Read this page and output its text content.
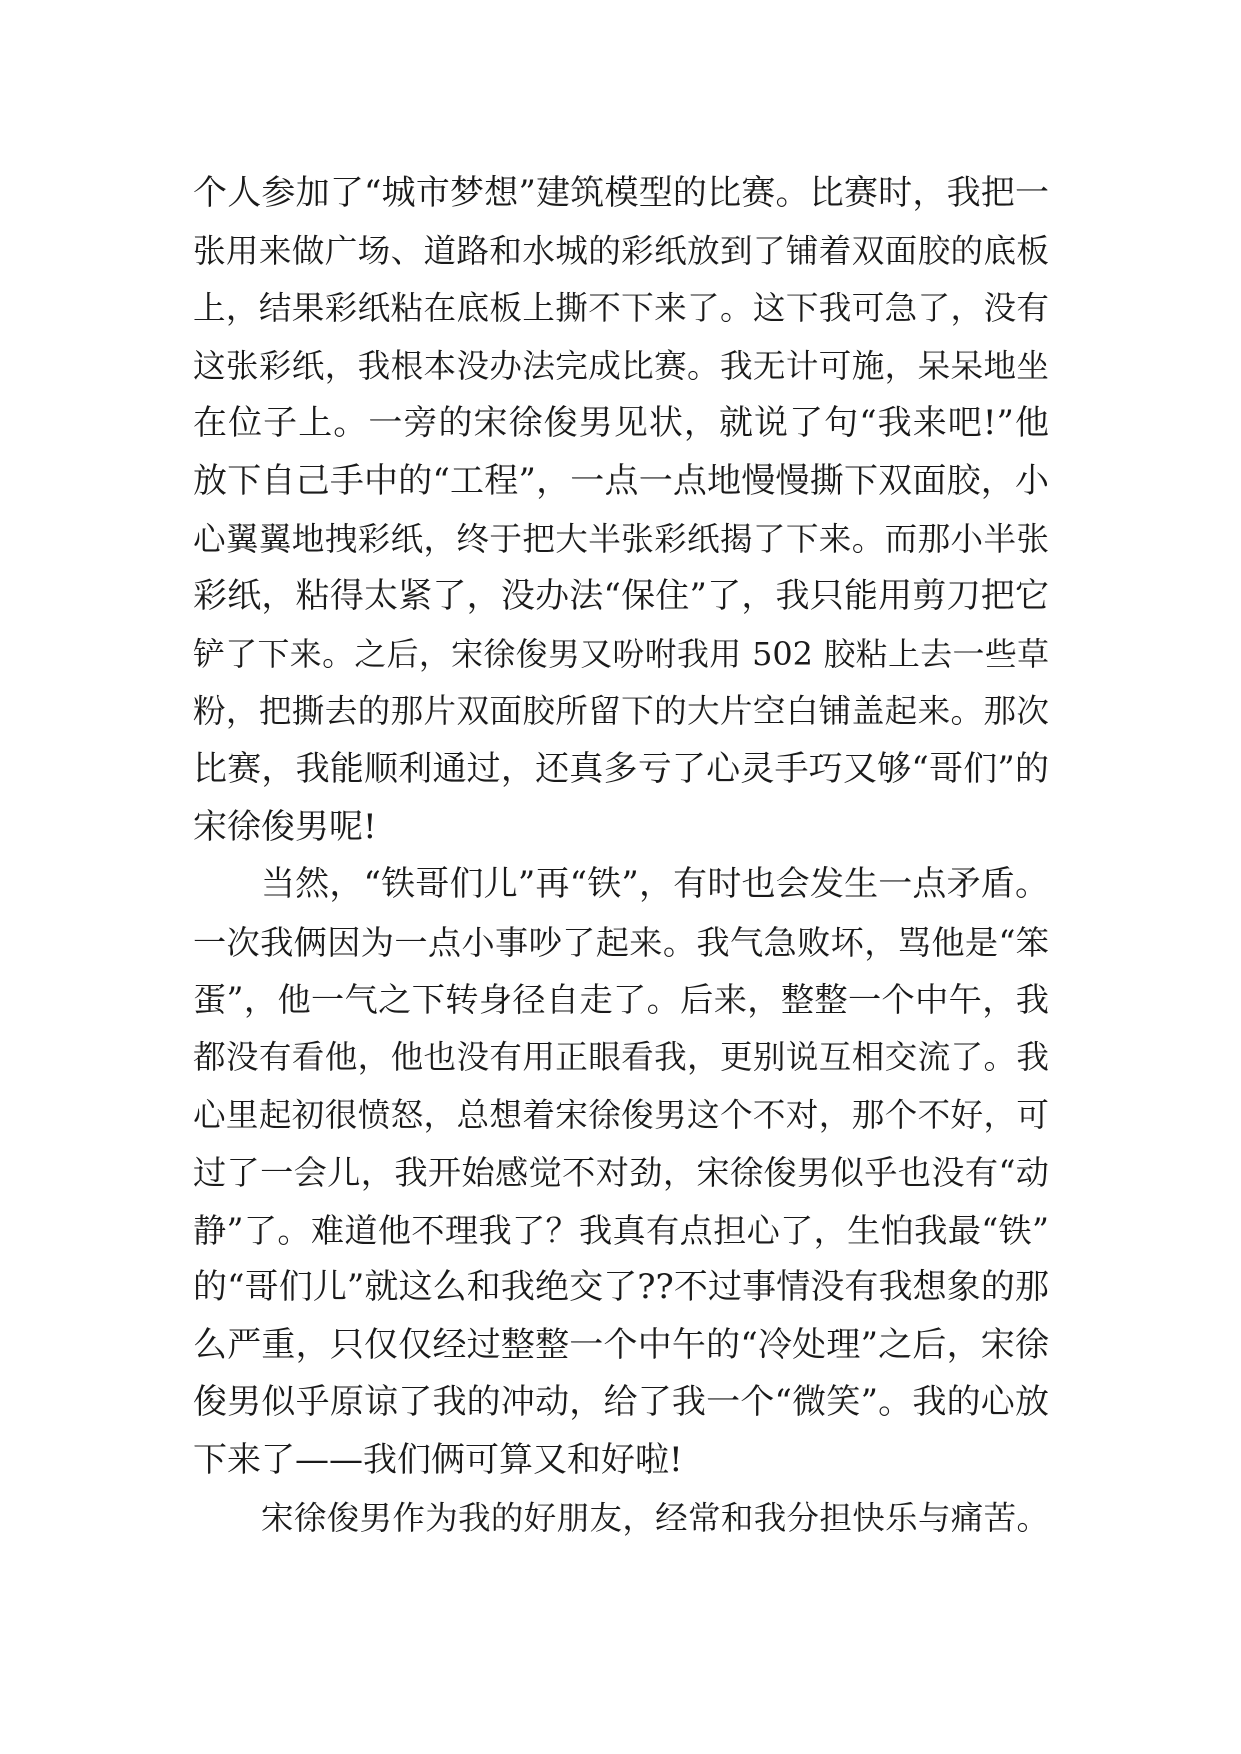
个人参加了“城市梦想”建筑模型的比赛。比赛时，我把一
张用来做广场、道路和水城的彩纸放到了铺着双面胶的底板
上，结果彩纸粘在底板上撕不下来了。这下我可急了，没有
这张彩纸，我根本没办法完成比赛。我无计可施，呆呆地坐
在位子上。一旁的宋徐俊男见状，就说了句“我来吧!”他
放下自己手中的“工程”，一点一点地慢慢撕下双面胶，小
心翼翼地拽彩纸，终于把大半张彩纸揭了下来。而那小半张
彩纸，粘得太紧了，没办法“保住”了，我只能用剪刀把它
铲了下来。之后，宋徐俊男又吩咐我用 502 胶粘上去一些草
粉，把撕去的那片双面胶所留下的大片空白铺盖起来。那次
比赛，我能顺利通过，还真多亏了心灵手巧又够“哥们”的
宋徐俊男呢!
当然，“铁哥们儿”再“铁”，有时也会发生一点矛盾。
一次我俩因为一点小事吵了起来。我气急败坏，骂他是“笨
蛋”，他一气之下转身径自走了。后来，整整一个中午，我
都没有看他，他也没有用正眼看我，更别说互相交流了。我
心里起初很愤怒，总想着宋徐俊男这个不对，那个不好，可
过了一会儿，我开始感觉不对劲，宋徐俊男似乎也没有“动
静”了。难道他不理我了？我真有点担心了，生怕我最“铁”
的“哥们儿”就这么和我绝交了??不过事情没有我想象的那
么严重，只仅仅经过整整一个中午的“冷处理”之后，宋徐
俊男似乎原谅了我的冲动，给了我一个“微笑”。我的心放
下来了——我们俩可算又和好啦!
宋徐俊男作为我的好朋友，经常和我分担快乐与痛苦。
